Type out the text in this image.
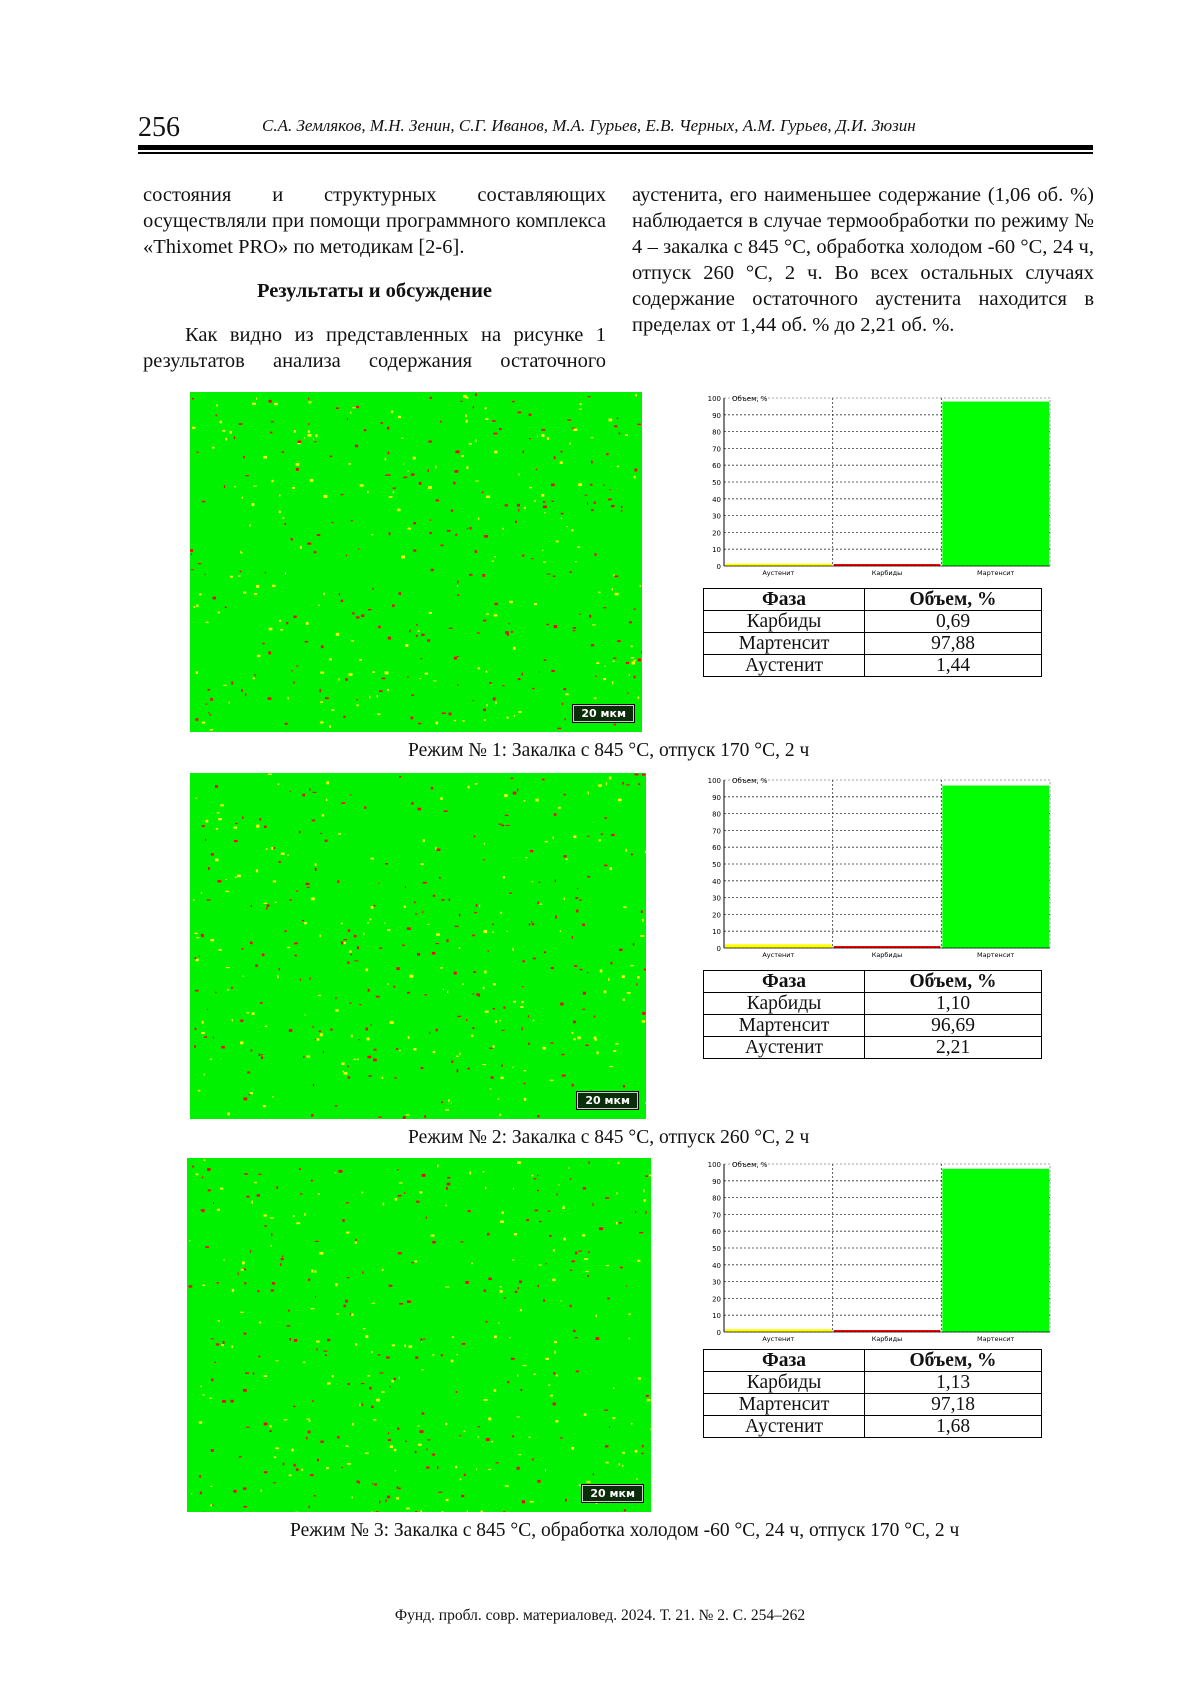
256	С.А. Земляков, М.Н. Зенин, С.Г. Иванов, М.А. Гурьев, Е.В. Черных, А.М. Гурьев, Д.И. Зюзин

состояния и структурных составляющих осуществляли при помощи программного комплекса «Thixomet PRO» по методикам [2-6].

Результаты и обсуждение

Как видно из представленных на рисунке 1 результатов анализа содержания остаточного

аустенита, его наименьшее содержание (1,06 об. %) наблюдается в случае термообработки по режиму № 4 – закалка с 845 °С, обработка холодом -60 °С, 24 ч, отпуск 260 °С, 2 ч. Во всех остальных случаях содержание остаточного аустенита находится в пределах от 1,44 об. % до 2,21 об. %.

20 мкм
0
10
20
30
40
50
60
70
80
90
100 Объем, %
Аустенит	Карбиды	Мартенсит
Фаза	Объем, %
Карбиды	0,69
Мартенсит	97,88
Аустенит	1,44
Режим № 1: Закалка с 845 °С, отпуск 170 °С, 2 ч
20 мкм
0
10
20
30
40
50
60
70
80
90
100 Объем, %
Аустенит	Карбиды	Мартенсит
Фаза	Объем, %
Карбиды	1,10
Мартенсит	96,69
Аустенит	2,21
Режим № 2: Закалка с 845 °С, отпуск 260 °С, 2 ч
20 мкм
0
10
20
30
40
50
60
70
80
90
100 Объем, %
Аустенит	Карбиды	Мартенсит
Фаза	Объем, %
Карбиды	1,13
Мартенсит	97,18
Аустенит	1,68
Режим № 3: Закалка с 845 °С, обработка холодом -60 °С, 24 ч, отпуск 170 °С, 2 ч
Фунд. пробл. совр. материаловед. 2024. Т. 21. № 2. С. 254–262
